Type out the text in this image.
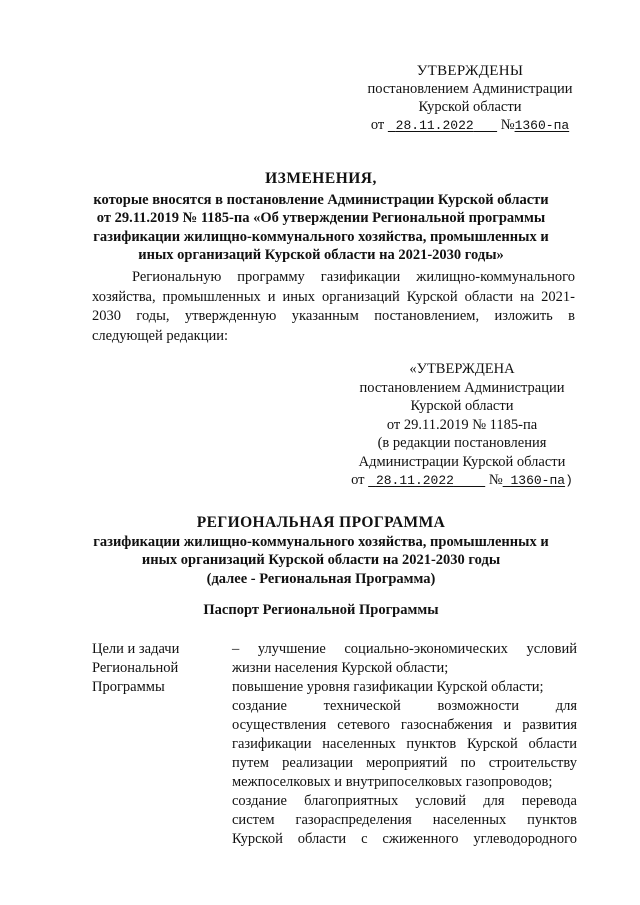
УТВЕРЖДЕНЫ
постановлением Администрации
Курской области
от 28.11.2022 №1360-па
ИЗМЕНЕНИЯ,
которые вносятся в постановление Администрации Курской области
от 29.11.2019 № 1185-па «Об утверждении Региональной программы
газификации жилищно-коммунального хозяйства, промышленных и
иных организаций Курской области на 2021-2030 годы»
Региональную программу газификации жилищно-коммунального хозяйства, промышленных и иных организаций Курской области на 2021-2030 годы, утвержденную указанным постановлением, изложить в следующей редакции:
«УТВЕРЖДЕНА
постановлением Администрации
Курской области
от 29.11.2019 № 1185-па
(в редакции постановления
Администрации Курской области
от 28.11.2022 № 1360-па)
РЕГИОНАЛЬНАЯ ПРОГРАММА
газификации жилищно-коммунального хозяйства, промышленных и
иных организаций Курской области на 2021-2030 годы
(далее - Региональная Программа)
Паспорт Региональной Программы
Цели и задачи
Региональной
Программы

– улучшение социально-экономических условий

жизни населения Курской области;

повышение уровня газификации Курской области;

создание технической возможности для

осуществления сетевого газоснабжения и развития

газификации населенных пунктов Курской области

путем реализации мероприятий по строительству

межпоселковых и внутрипоселковых газопроводов;

создание благоприятных условий для перевода

систем газораспределения населенных пунктов

Курской области с сжиженного углеводородного
